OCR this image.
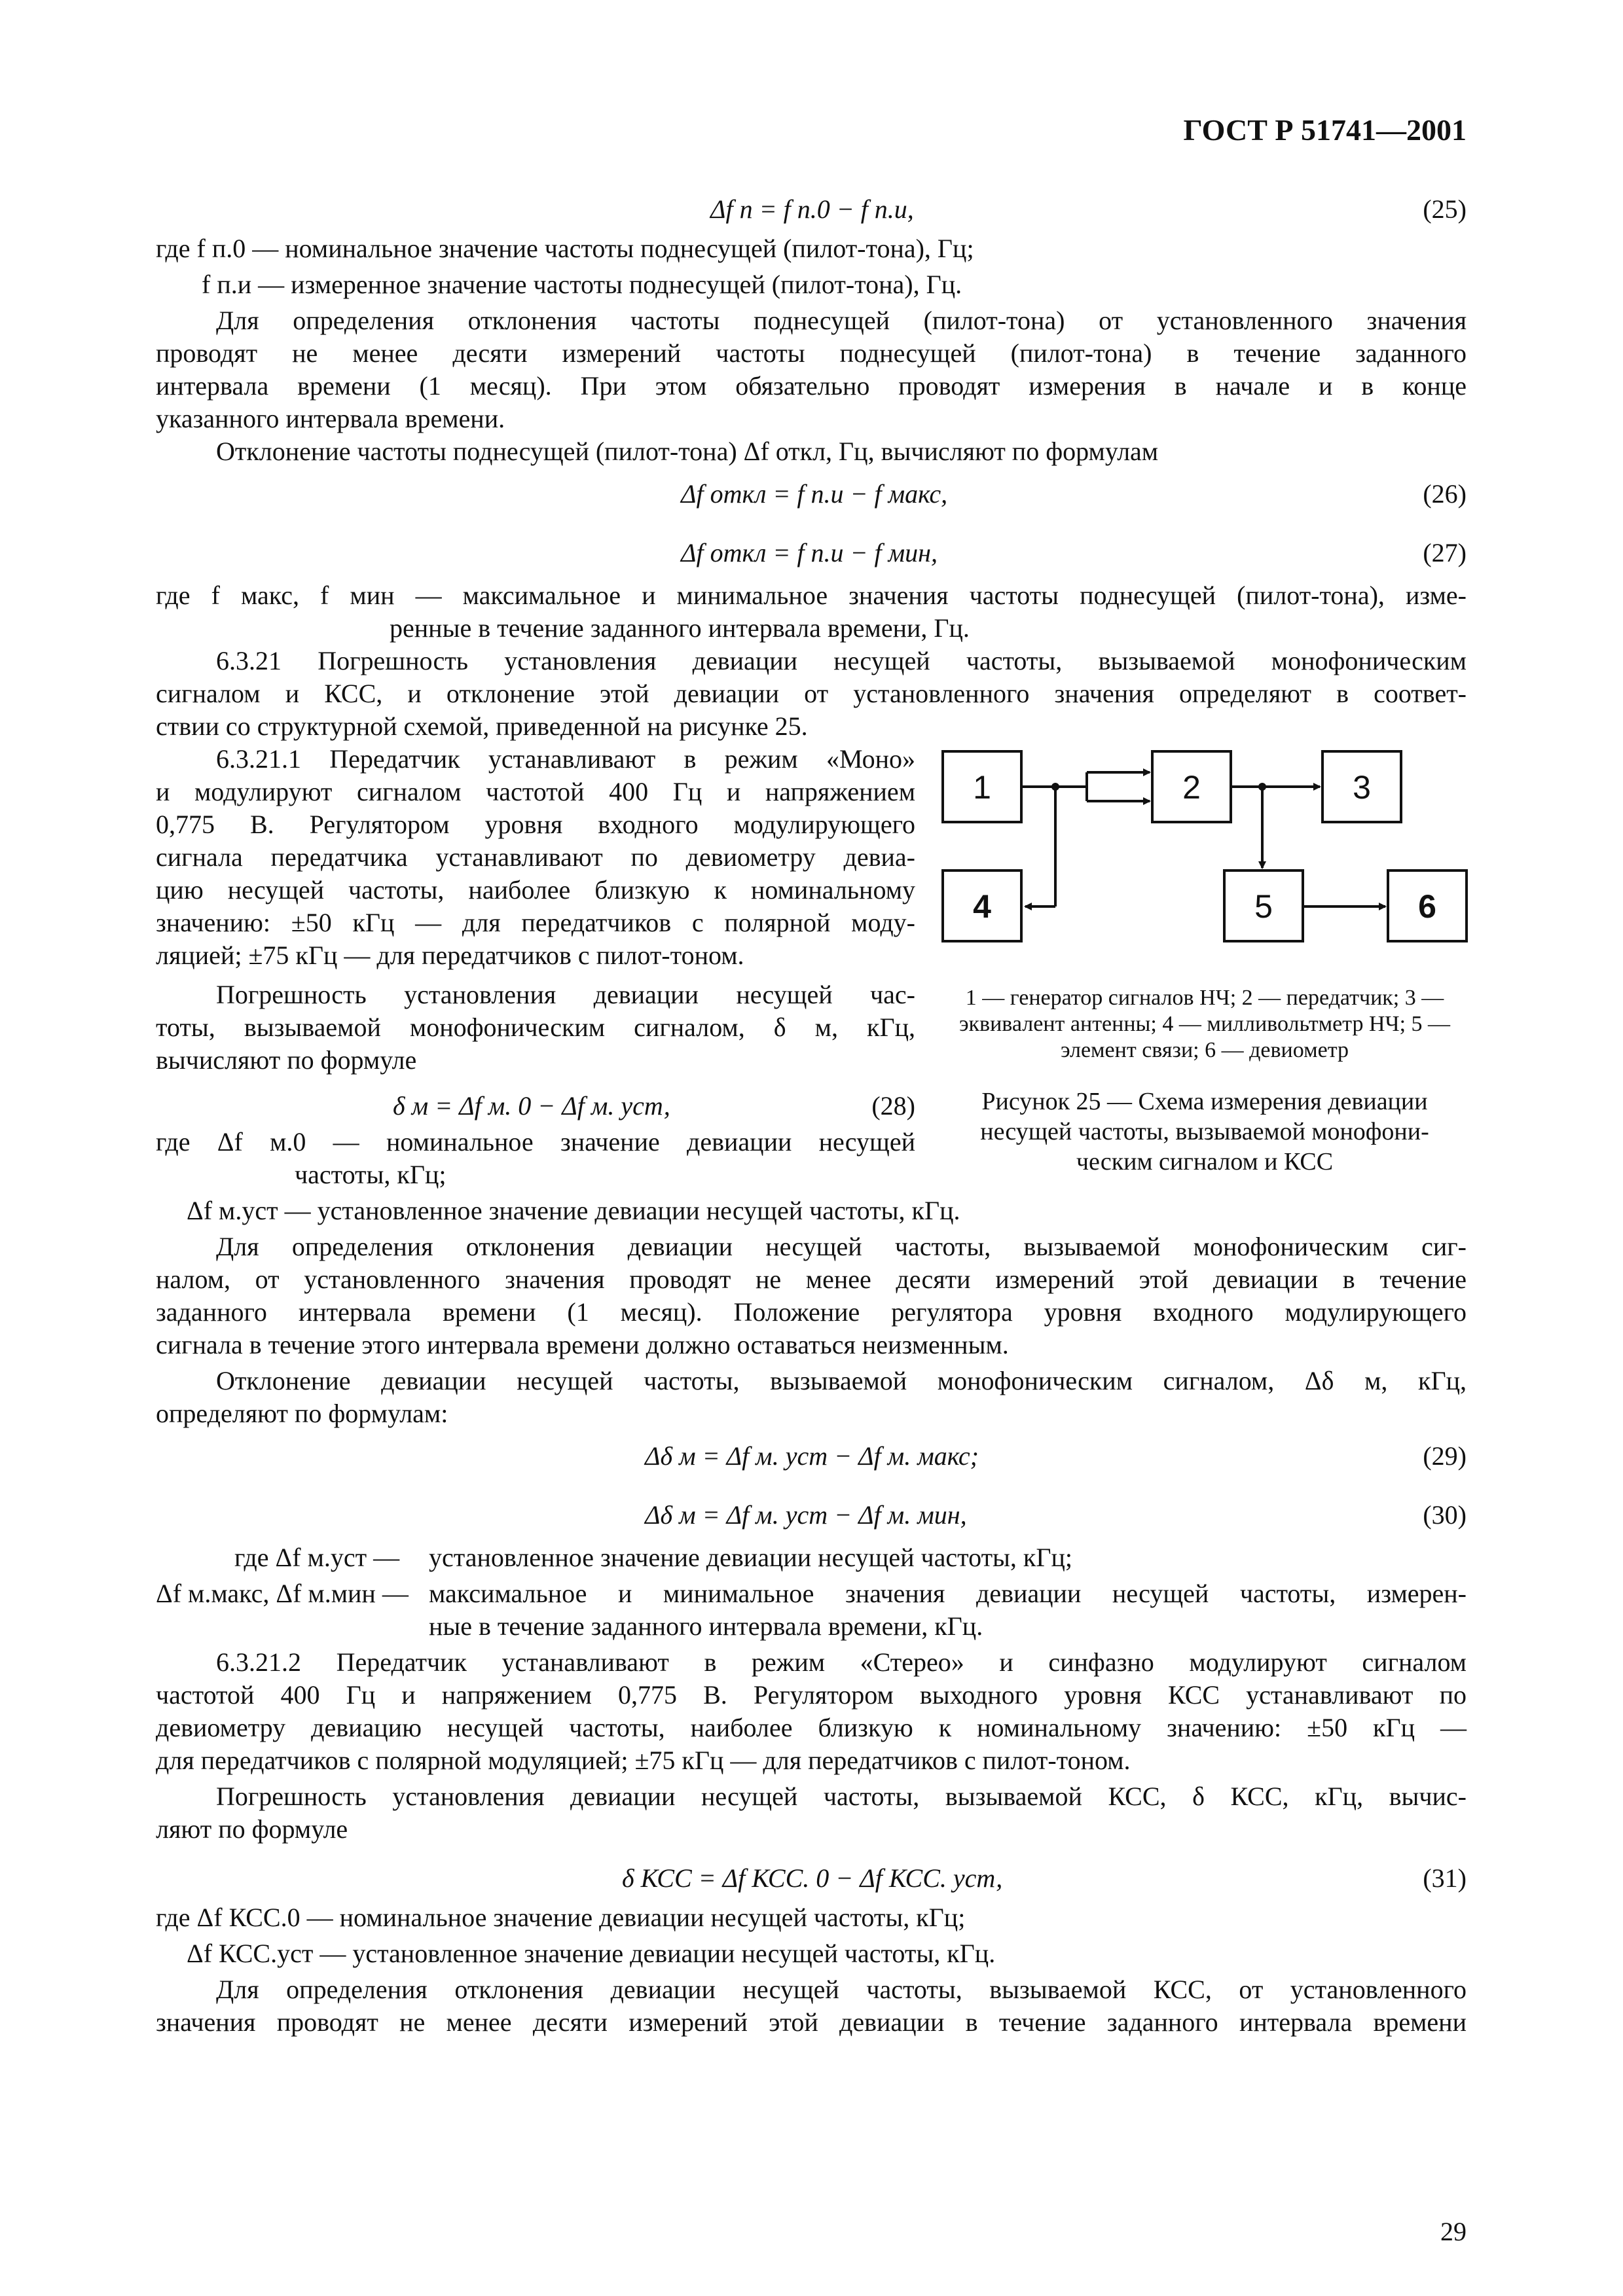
ГОСТ Р 51741—2001
Δf п = f п.0 − f п.и,	(25)
где f п.0 — номинальное значение частоты поднесущей (пилот-тона), Гц;
f п.и — измеренное значение частоты поднесущей (пилот-тона), Гц.
Для определения отклонения частоты поднесущей (пилот-тона) от установленного значения
проводят не менее десяти измерений частоты поднесущей (пилот-тона) в течение заданного
интервала времени (1 месяц). При этом обязательно проводят измерения в начале и в конце
указанного интервала времени.
Отклонение частоты поднесущей (пилот-тона) Δf откл, Гц, вычисляют по формулам
Δf откл = f п.и − f макс,	(26)
Δf откл = f п.и − f мин,	(27)
где f макс, f мин — максимальное и минимальное значения частоты поднесущей (пилот-тона), изме-
ренные в течение заданного интервала времени, Гц.
6.3.21 Погрешность установления девиации несущей частоты, вызываемой монофоническим
сигналом и КСС, и отклонение этой девиации от установленного значения определяют в соответ-
ствии со структурной схемой, приведенной на рисунке 25.
6.3.21.1 Передатчик устанавливают в режим «Моно»
и модулируют сигналом частотой 400 Гц и напряжением
0,775 В. Регулятором уровня входного модулирующего
сигнала передатчика устанавливают по девиометру девиа-
цию несущей частоты, наиболее близкую к номинальному
значению: ±50 кГц — для передатчиков с полярной моду-
ляцией; ±75 кГц — для передатчиков с пилот-тоном.
Погрешность установления девиации несущей час-
тоты, вызываемой монофоническим сигналом, δ м, кГц,
вычисляют по формуле
δ м = Δf м. 0 − Δf м. уст,	(28)
где Δf м.0 — номинальное значение девиации несущей
частоты, кГц;
Δf м.уст — установленное значение девиации несущей частоты, кГц.
Для определения отклонения девиации несущей частоты, вызываемой монофоническим сиг-
налом, от установленного значения проводят не менее десяти измерений этой девиации в течение
заданного интервала времени (1 месяц). Положение регулятора уровня входного модулирующего
сигнала в течение этого интервала времени должно оставаться неизменным.
Отклонение девиации несущей частоты, вызываемой монофоническим сигналом, Δδ м, кГц,
определяют по формулам:
Δδ м = Δf м. уст − Δf м. макс;	(29)
Δδ м = Δf м. уст − Δf м. мин,	(30)
где Δf м.уст — установленное значение девиации несущей частоты, кГц;
Δf м.макс, Δf м.мин — максимальное и минимальное значения девиации несущей частоты, измерен-
ные в течение заданного интервала времени, кГц.
6.3.21.2 Передатчик устанавливают в режим «Стерео» и синфазно модулируют сигналом
частотой 400 Гц и напряжением 0,775 В. Регулятором выходного уровня КСС устанавливают по
девиометру девиацию несущей частоты, наиболее близкую к номинальному значению: ±50 кГц —
для передатчиков с полярной модуляцией; ±75 кГц — для передатчиков с пилот-тоном.
Погрешность установления девиации несущей частоты, вызываемой КСС, δ КСС, кГц, вычис-
ляют по формуле
δ КСС = Δf КСС. 0 − Δf КСС. уст,	(31)
где Δf КСС.0 — номинальное значение девиации несущей частоты, кГц;
Δf КСС.уст — установленное значение девиации несущей частоты, кГц.
Для определения отклонения девиации несущей частоты, вызываемой КСС, от установленного
значения проводят не менее десяти измерений этой девиации в течение заданного интервала времени
1	2	3
4	5	6
1 — генератор сигналов НЧ; 2 — передатчик; 3 —
эквивалент антенны; 4 — милливольтметр НЧ; 5 —
элемент связи; 6 — девиометр
Рисунок 25 — Схема измерения девиации
несущей частоты, вызываемой монофони-
ческим сигналом и КСС
29
